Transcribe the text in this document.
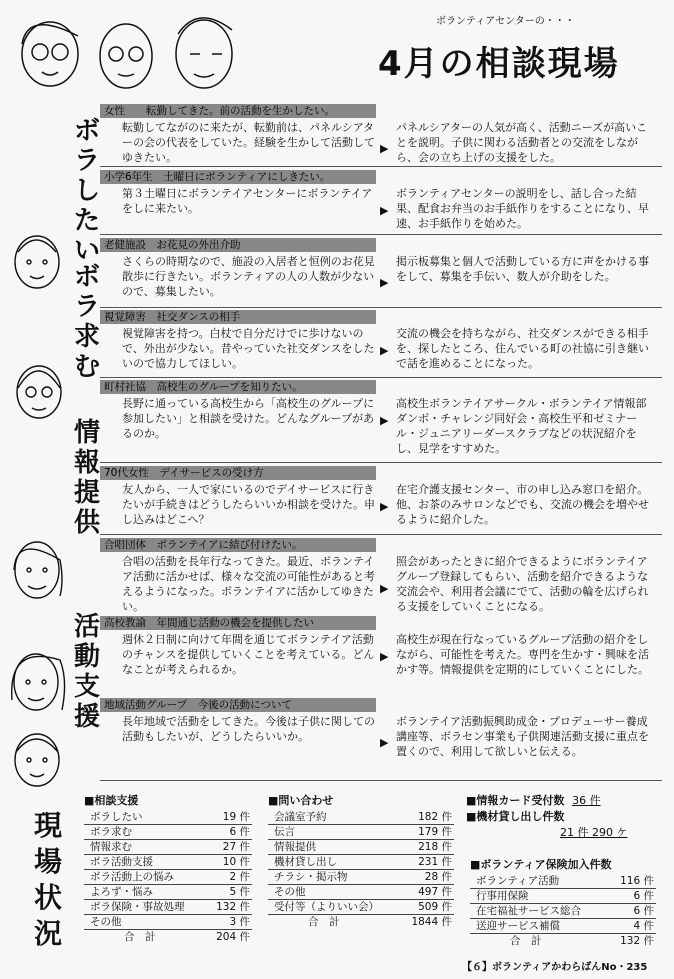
ボランティアセンターの・・・
4月の相談現場
ボ
ラ
し
た
い
ボ
ラ
求
む
情
報
提
供
活
動
支
援
女性　　転勤してきた。前の活動を生かしたい。
転勤してながのに来たが、転勤前は、パネルシアターの会の代表をしていた。経験を生かして活動してゆきたい。
▶
パネルシアターの人気が高く、活動ニーズが高いことを説明。子供に関わる活動者との交流をしながら、会の立ち上げの支援をした。
小学6年生　土曜日にボランティアにしきたい。
第３土曜日にボランテイアセンターにボランテイアをしに来たい。	▶
ボランティアセンターの説明をし、話し合った結果、配食お弁当のお手紙作りをすることになり、早速、お手紙作りを始めた。
老健施設　お花見の外出介助
さくらの時期なので、施設の入居者と恒例のお花見散歩に行きたい。ボランティアの人の人数が少ないので、募集したい。
▶
掲示板募集と個人で活動している方に声をかける事をして、募集を手伝い、数人が介助をした。
視覚障害　社交ダンスの相手
視覚障害を持つ。白杖で自分だけでに歩けないので、外出が少ない。昔やっていた社交ダンスをしたいので協力してほしい。
▶
交流の機会を持ちながら、社交ダンスができる相手を、探したところ、住んでいる町の社協に引き継いで話を進めることになった。
町村社協　高校生のグループを知りたい。
長野に通っている高校生から「高校生のグループに参加したい」と相談を受けた。どんなグループがあるのか。
▶
高校生ボランテイアサークル・ボランテイア情報部ダンボ・チャレンジ同好会・高校生平和ゼミナール・ジュニアリーダースクラブなどの状況紹介をし、見学をすすめた。
70代女性　デイサービスの受け方
友人から、一人で家にいるのでデイサービスに行きたいが手続きはどうしたらいいか相談を受けた。申し込みはどこへ？
▶
在宅介護支援センター、市の申し込み窓口を紹介。他、お茶のみサロンなどでも、交流の機会を増やせるように紹介した。
合唱団体　ボランテイアに結び付けたい。
合唱の活動を長年行なってきた。最近、ボランテイア活動に活かせば、様々な交流の可能性があると考えるようになった。ボランテイアに活かしてゆきたい。
▶
照会があったときに紹介できるようにボランテイアグループ登録してもらい、活動を紹介できるような交流会や、利用者会議にでて、活動の輪を広げられる支援をしていくことになる。
高校教諭　年間通じ活動の機会を提供したい
週休２日制に向けて年間を通じてボランテイア活動のチャンスを提供していくことを考えている。どんなことが考えられるか。
▶
高校生が現在行なっているグループ活動の紹介をしながら、可能性を考えた。専門を生かす・興味を活かす等。情報提供を定期的にしていくことにした。
地域活動グループ　今後の活動について
長年地域で活動をしてきた。今後は子供に関しての活動もしたいが、どうしたらいいか。	▶
ボランテイア活動振興助成金・プロデューサー養成講座等、ボラセン事業も子供関連活動支援に重点を置くので、利用して欲しいと伝える。
現
場
状
況
■相談支援
ボラしたい	19 件
ボラ求む	6 件
情報求む	27 件
ボラ活動支援	10 件
ボラ活動上の悩み	2 件
よろず・悩み	5 件
ボラ保険・事故処理	132 件
その他	3 件
合　計	204 件
■問い合わせ
会議室予約	182 件
伝言	179 件
情報提供	218 件
機材貸し出し	231 件
チラシ・掲示物	28 件
その他	497 件
受付等（よりいい会）	509 件
合　計	1844 件
■情報カード受付数 36 件
■機材貸し出し件数
21 件 290 ケ
■ボランティア保険加入件数
ボランティア活動	116 件
行事用保険	6 件
在宅福祉サービス総合	6 件
送迎サービス補償	4 件
合　計	132 件
【６】ボランティアかわらばんNo・235
